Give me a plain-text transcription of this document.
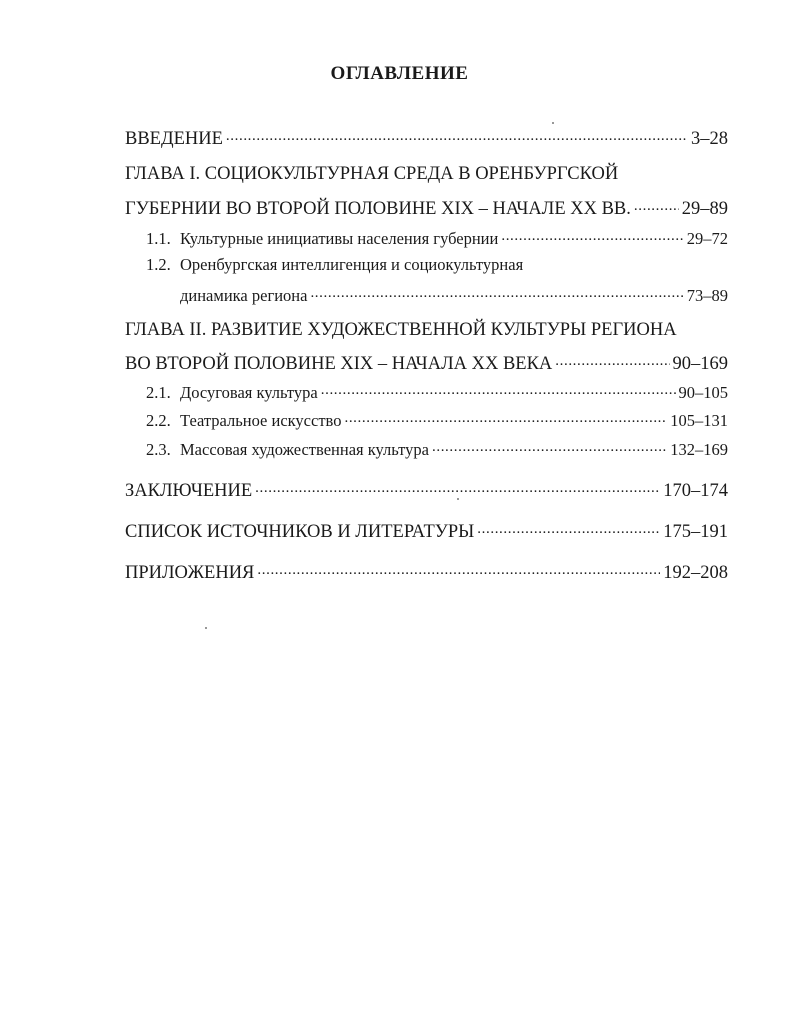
ОГЛАВЛЕНИЕ
ВВЕДЕНИЕ .....	3–28
ГЛАВА I. СОЦИОКУЛЬТУРНАЯ СРЕДА В ОРЕНБУРГСКОЙ
ГУБЕРНИИ ВО ВТОРОЙ ПОЛОВИНЕ XIX – НАЧАЛЕ XX ВВ. .....	29–89
1.1. Культурные инициативы населения губернии .....	29–72
1.2. Оренбургская интеллигенция и социокультурная
динамика региона .....	73–89
ГЛАВА II. РАЗВИТИЕ ХУДОЖЕСТВЕННОЙ КУЛЬТУРЫ РЕГИОНА
ВО ВТОРОЙ ПОЛОВИНЕ XIX – НАЧАЛА XX ВЕКА .....	90–169
2.1. Досуговая культура .....	90–105
2.2. Театральное искусство .....	105–131
2.3. Массовая художественная культура .....	132–169
ЗАКЛЮЧЕНИЕ .....	170–174
СПИСОК ИСТОЧНИКОВ И ЛИТЕРАТУРЫ .....	175–191
ПРИЛОЖЕНИЯ .....	192–208
